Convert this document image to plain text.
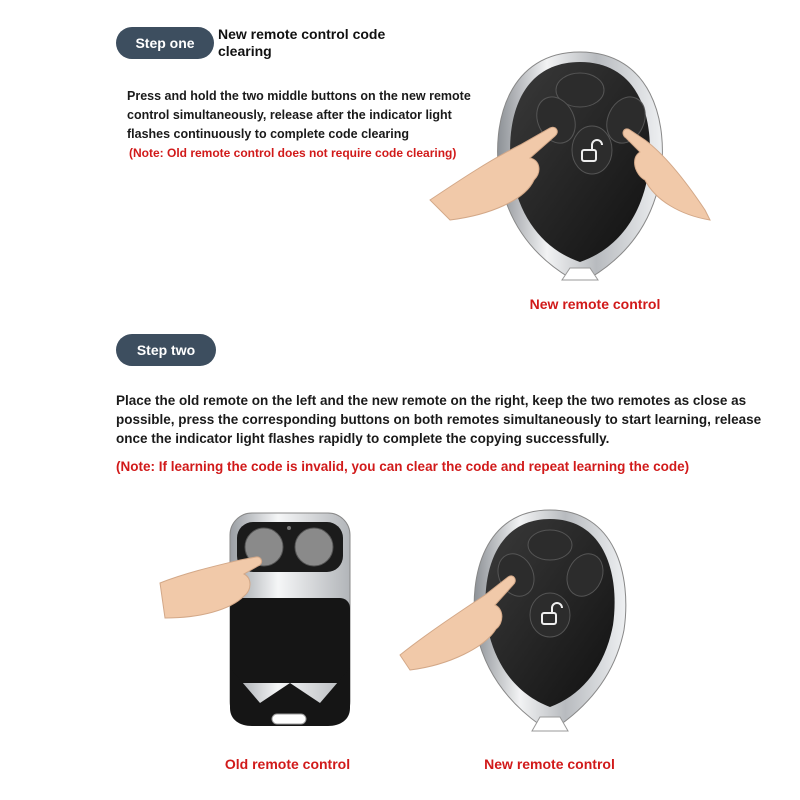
Step one
New remote control code clearing
Press and hold the two middle buttons on the new remote control simultaneously, release after the indicator light flashes continuously to complete code clearing
(Note: Old remote control does not require code clearing)
New remote control
Step two
Place the old remote on the left and the new remote on the right, keep the two remotes as close as possible, press the corresponding buttons on both remotes simultaneously to start learning, release once the indicator light flashes rapidly to complete the copying successfully.
(Note: If learning the code is invalid, you can clear the code and repeat learning the code)
Old remote control	New remote control
